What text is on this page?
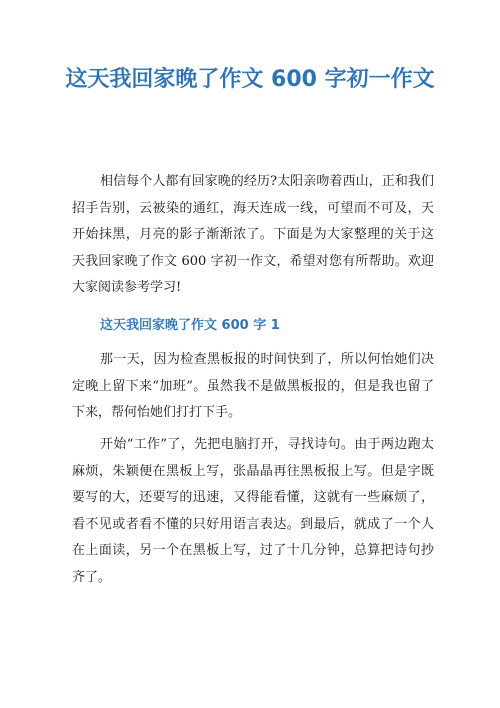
这天我回家晚了作文 600 字初一作文

相信每个人都有回家晚的经历?太阳亲吻着西山，正和我们招手告别，云被染的通红，海天连成一线，可望而不可及，天开始抹黑，月亮的影子渐渐浓了。下面是为大家整理的关于这天我回家晚了作文 600 字初一作文，希望对您有所帮助。欢迎大家阅读参考学习!

这天我回家晚了作文 600 字 1

那一天，因为检查黑板报的时间快到了，所以何怡她们决定晚上留下来“加班”。虽然我不是做黑板报的，但是我也留了下来，帮何怡她们打打下手。

开始“工作”了，先把电脑打开，寻找诗句。由于两边跑太麻烦，朱颖便在黑板上写，张晶晶再往黑板报上写。但是字既要写的大，还要写的迅速，又得能看懂，这就有一些麻烦了，看不见或者看不懂的只好用语言表达。到最后，就成了一个人在上面读，另一个在黑板上写，过了十几分钟，总算把诗句抄齐了。
